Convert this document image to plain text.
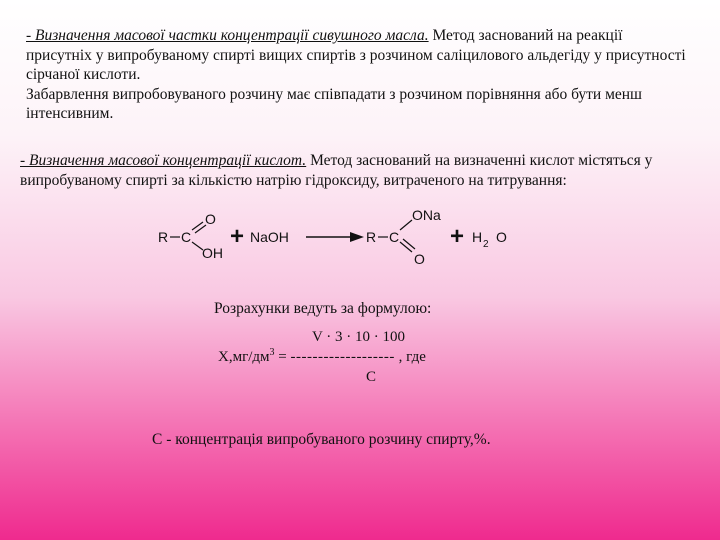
- Визначення масової частки концентрації сивушного масла. Метод заснований на реакції присутніх у випробуваному спирті вищих спиртів з розчином саліцилового альдегіду у присутності сірчаної кислоти.
Забарвлення випробовуваного розчину має співпадати з розчином порівняння або бути менш інтенсивним.
- Визначення масової концентрації кислот. Метод заснований на визначенні кислот містяться у випробуваному спирті за кількістю натрію гідроксиду, витраченого на титрування:
R C
O
OH
+ NaOH	R C
ONa
O
+ H 2 O
Розрахунки ведуть за формулою:
V · 3 · 10 · 100
$X,мг/дм^3$ = ------------------- , где
C
C - концентрація випробуваного розчину спирту,%.
